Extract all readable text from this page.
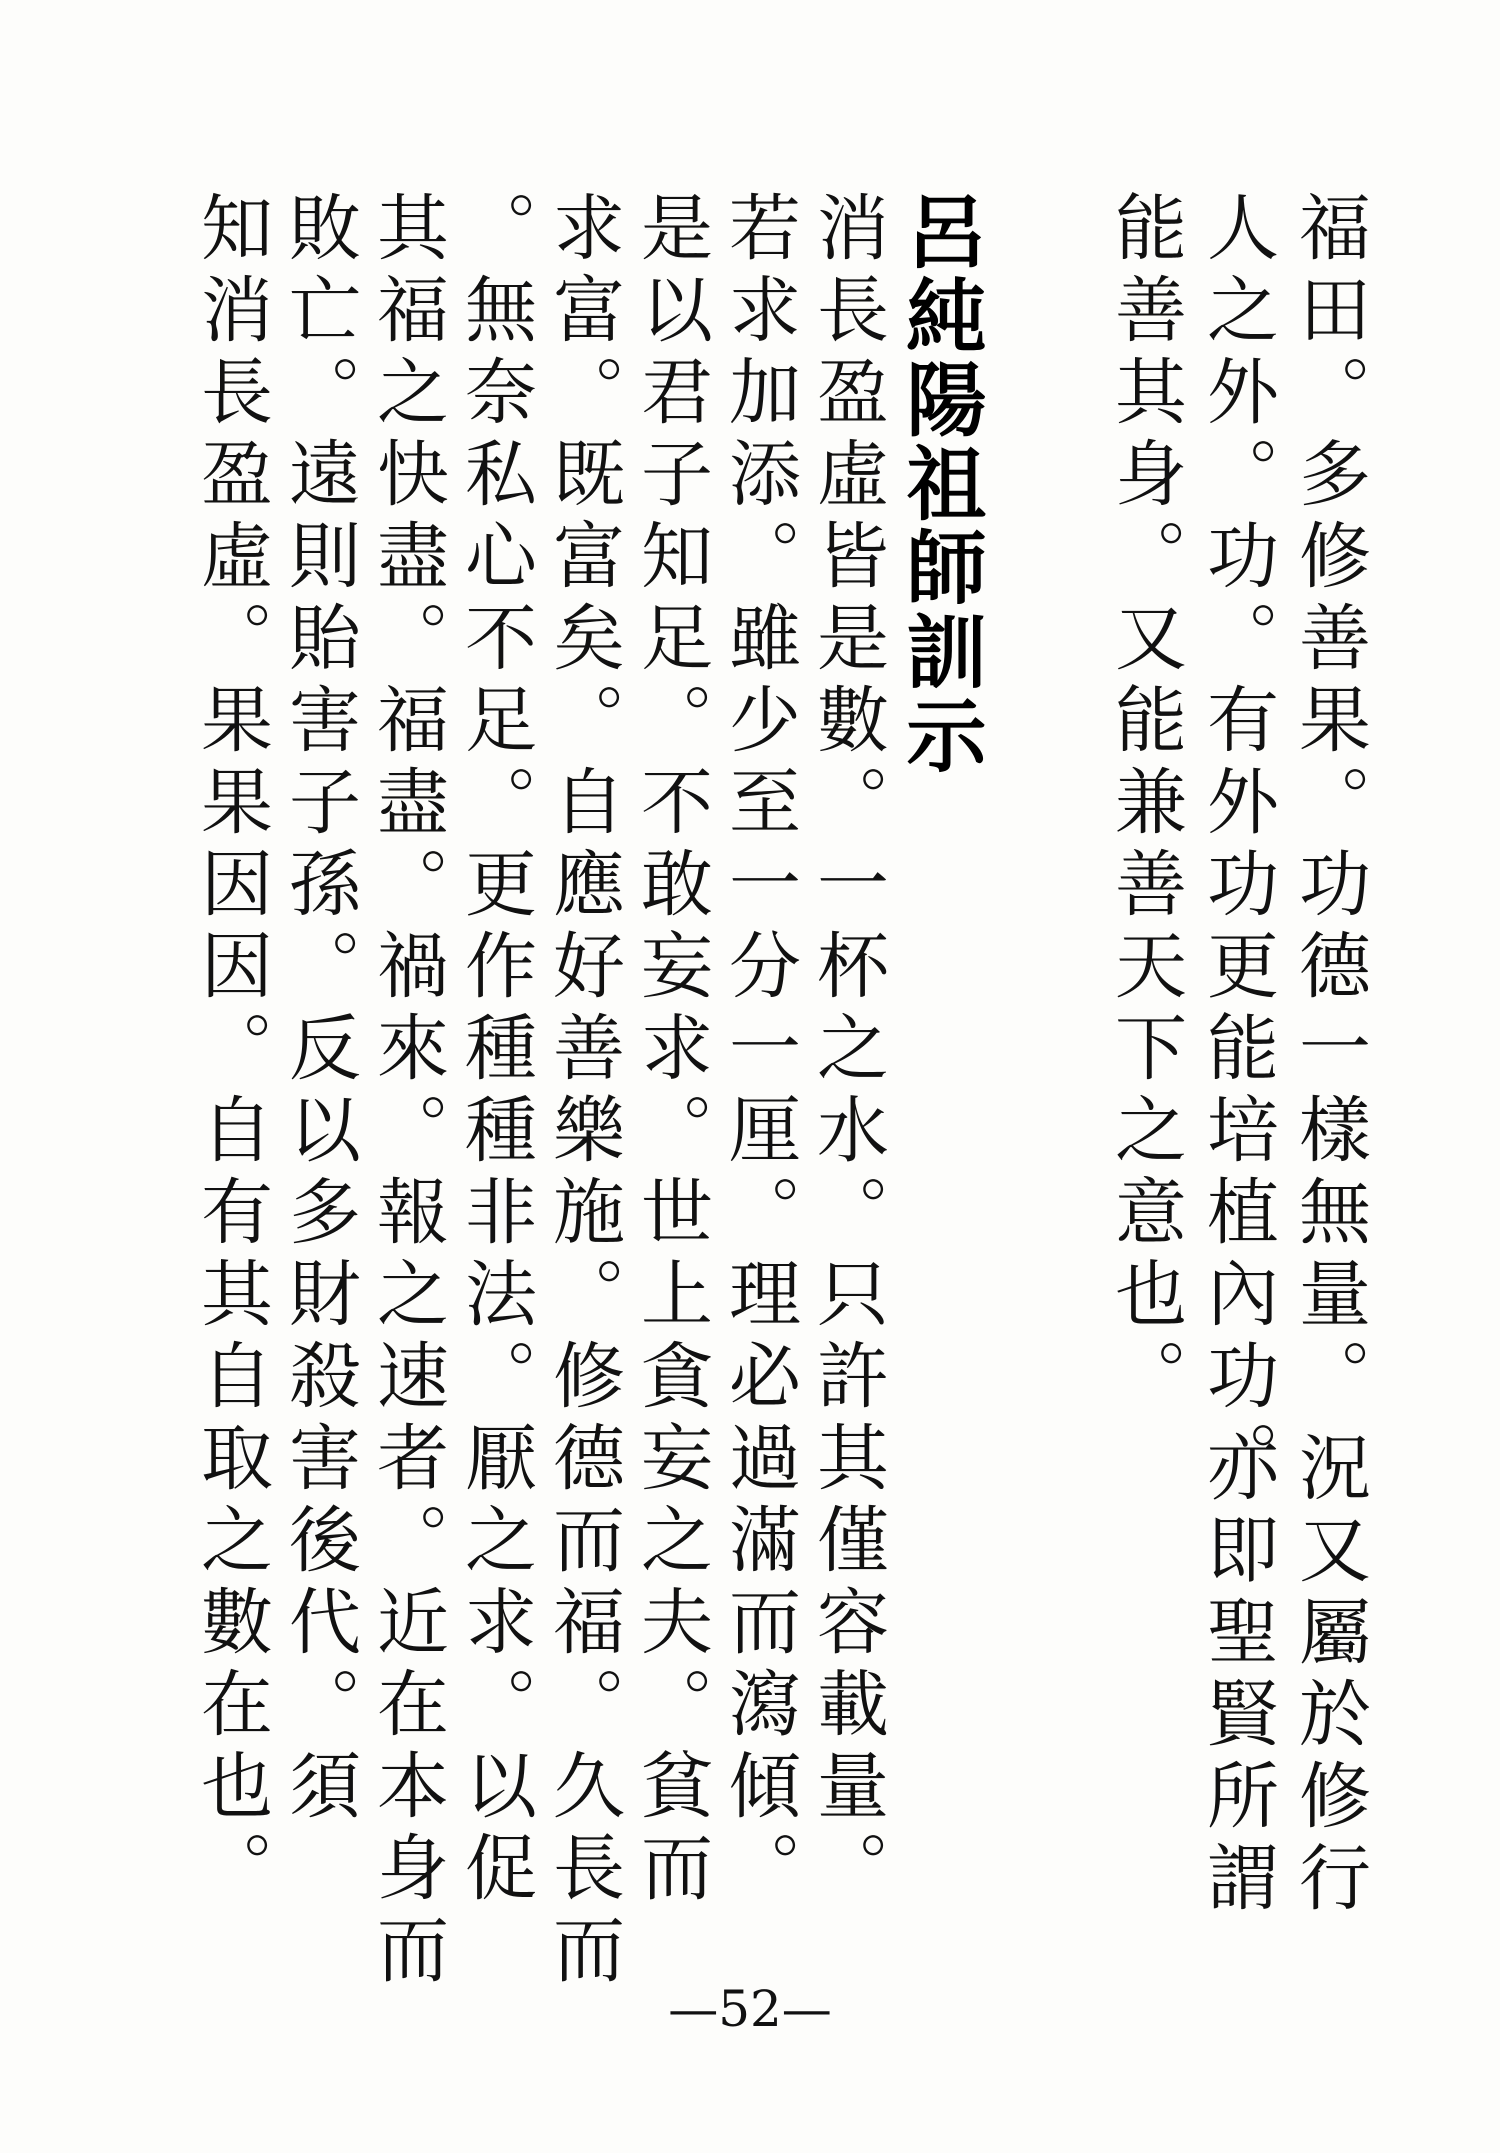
福田。多修善果。功德一樣無量。

人之外。功。有外功更能培植內功。

能善其身。又能兼善天下之意也。

況又屬於修行

亦即聖賢所謂

呂純陽祖師訓示

消長盈虛皆是數。一杯之水。只許其僅容載量。

若求加添。雖少至一分一厘。理必過滿而瀉傾。

是以君子知足。不敢妄求。世上貪妄之夫。貧而

求富。既富矣。自應好善樂施。修德而福。久長而

。無奈私心不足。更作種種非法。厭之求。以促

其福之快盡。福盡。禍來。報之速者。近在本身而

敗亡。遠則貽害子孫。反以多財殺害後代。須

知消長盈虛。果果因因。自有其自取之數在也。

—52—
